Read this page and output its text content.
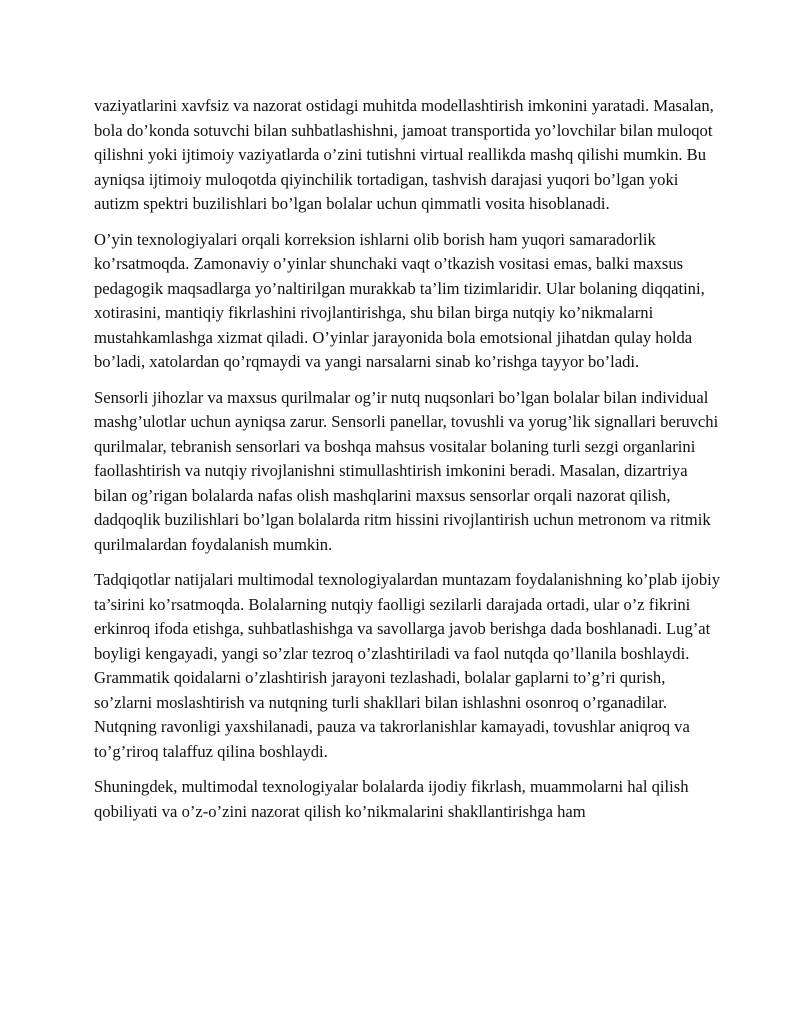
vaziyatlarini xavfsiz va nazorat ostidagi muhitda modellashtirish imkonini yaratadi. Masalan, bola do’konda sotuvchi bilan suhbatlashishni, jamoat transportida yo’lovchilar bilan muloqot qilishni yoki ijtimoiy vaziyatlarda o’zini tutishni virtual reallikda mashq qilishi mumkin. Bu ayniqsa ijtimoiy muloqotda qiyinchilik tortadigan, tashvish darajasi yuqori bo’lgan yoki autizm spektri buzilishlari bo’lgan bolalar uchun qimmatli vosita hisoblanadi.

O’yin texnologiyalari orqali korreksion ishlarni olib borish ham yuqori samaradorlik ko’rsatmoqda. Zamonaviy o’yinlar shunchaki vaqt o’tkazish vositasi emas, balki maxsus pedagogik maqsadlarga yo’naltirilgan murakkab ta’lim tizimlaridir. Ular bolaning diqqatini, xotirasini, mantiqiy fikrlashini rivojlantirishga, shu bilan birga nutqiy ko’nikmalarni mustahkamlashga xizmat qiladi. O’yinlar jarayonida bola emotsional jihatdan qulay holda bo’ladi, xatolardan qo’rqmaydi va yangi narsalarni sinab ko’rishga tayyor bo’ladi.

Sensorli jihozlar va maxsus qurilmalar og’ir nutq nuqsonlari bo’lgan bolalar bilan individual mashg’ulotlar uchun ayniqsa zarur. Sensorli panellar, tovushli va yorug’lik signallari beruvchi qurilmalar, tebranish sensorlari va boshqa mahsus vositalar bolaning turli sezgi organlarini faollashtirish va nutqiy rivojlanishni stimullashtirish imkonini beradi. Masalan, dizartriya bilan og’rigan bolalarda nafas olish mashqlarini maxsus sensorlar orqali nazorat qilish, dadqoqlik buzilishlari bo’lgan bolalarda ritm hissini rivojlantirish uchun metronom va ritmik qurilmalardan foydalanish mumkin.

Tadqiqotlar natijalari multimodal texnologiyalardan muntazam foydalanishning ko’plab ijobiy ta’sirini ko’rsatmoqda. Bolalarning nutqiy faolligi sezilarli darajada ortadi, ular o’z fikrini erkinroq ifoda etishga, suhbatlashishga va savollarga javob berishga dada boshlanadi. Lug’at boyligi kengayadi, yangi so’zlar tezroq o’zlashtiriladi va faol nutqda qo’llanila boshlaydi. Grammatik qoidalarni o’zlashtirish jarayoni tezlashadi, bolalar gaplarni to’g’ri qurish, so’zlarni moslashtirish va nutqning turli shakllari bilan ishlashni osonroq o’rganadilar. Nutqning ravonligi yaxshilanadi, pauza va takrorlanishlar kamayadi, tovushlar aniqroq va to’g’riroq talaffuz qilina boshlaydi.

Shuningdek, multimodal texnologiyalar bolalarda ijodiy fikrlash, muammolarni hal qilish qobiliyati va o’z-o’zini nazorat qilish ko’nikmalarini shakllantirishga ham
